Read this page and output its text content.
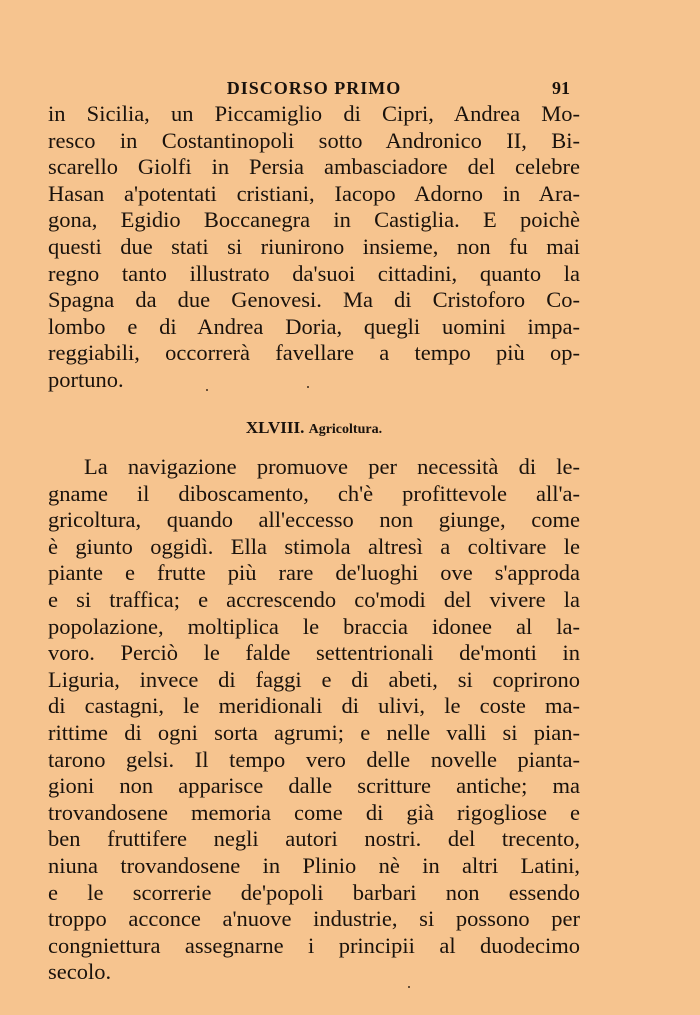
DISCORSO PRIMO	91
in Sicilia, un Piccamiglio di Cipri, Andrea Mo-
resco in Costantinopoli sotto Andronico II, Bi-
scarello Giolfi in Persia ambasciadore del celebre
Hasan a'potentati cristiani, Iacopo Adorno in Ara-
gona, Egidio Boccanegra in Castiglia. E poichè
questi due stati si riunirono insieme, non fu mai
regno tanto illustrato da'suoi cittadini, quanto la
Spagna da due Genovesi. Ma di Cristoforo Co-
lombo e di Andrea Doria, quegli uomini impa-
reggiabili, occorrerà favellare a tempo più op-
portuno.
XLVIII. Agricoltura.
La navigazione promuove per necessità di le-
gname il diboscamento, ch'è profittevole all'a-
gricoltura, quando all'eccesso non giunge, come
è giunto oggidì. Ella stimola altresì a coltivare le
piante e frutte più rare de'luoghi ove s'approda
e si traffica; e accrescendo co'modi del vivere la
popolazione, moltiplica le braccia idonee al la-
voro. Perciò le falde settentrionali de'monti in
Liguria, invece di faggi e di abeti, si coprirono
di castagni, le meridionali di ulivi, le coste ma-
rittime di ogni sorta agrumi; e nelle valli si pian-
tarono gelsi. Il tempo vero delle novelle pianta-
gioni non apparisce dalle scritture antiche; ma
trovandosene memoria come di già rigogliose e
ben fruttifere negli autori nostri. del trecento,
niuna trovandosene in Plinio nè in altri Latini,
e le scorrerie de'popoli barbari non essendo
troppo acconce a'nuove industrie, si possono per
congniettura assegnarne i principii al duodecimo
secolo.
